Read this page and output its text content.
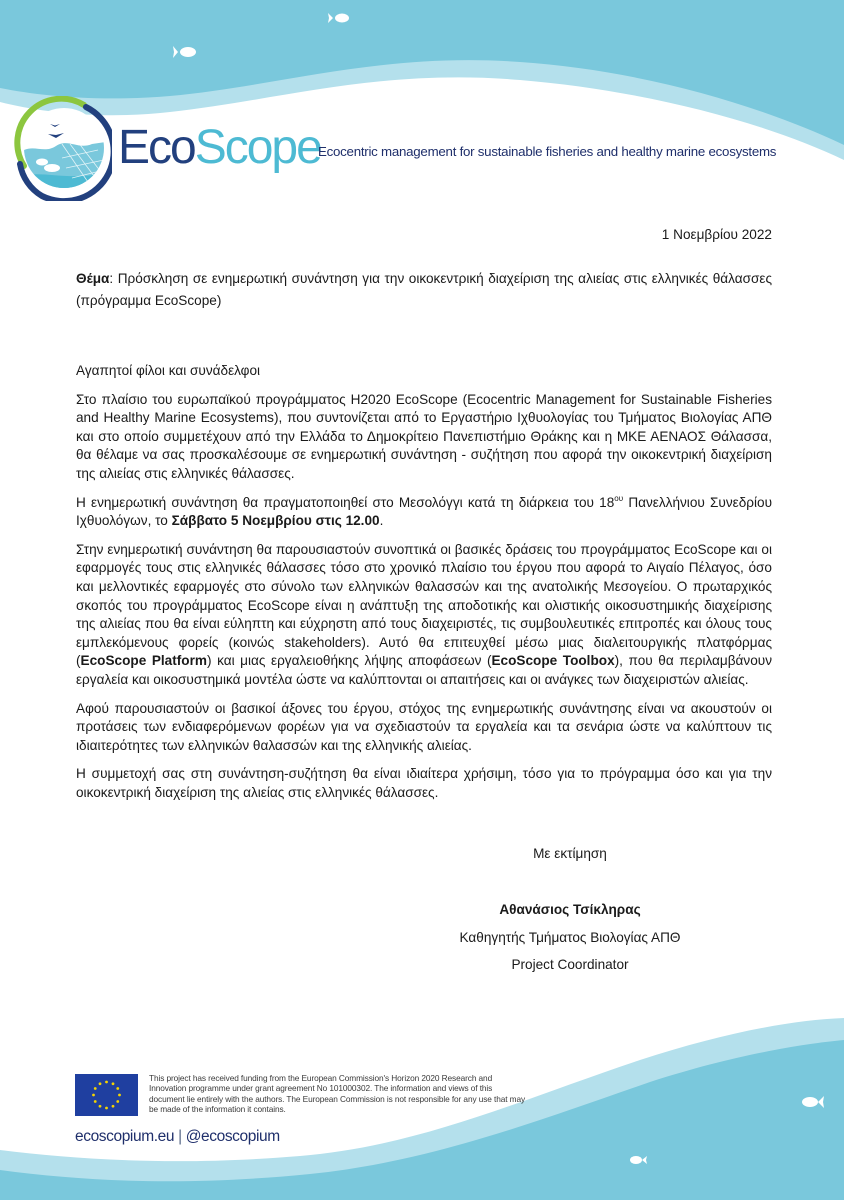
EcoScope
Ecocentric management for sustainable fisheries and healthy marine ecosystems

1 Νοεμβρίου 2022

Θέμα: Πρόσκληση σε ενημερωτική συνάντηση για την οικοκεντρική διαχείριση της αλιείας στις ελληνικές θάλασσες (πρόγραμμα EcoScope)

Αγαπητοί φίλοι και συνάδελφοι

Στο πλαίσιο του ευρωπαϊκού προγράμματος H2020 EcoScope (Ecocentric Management for Sustainable Fisheries and Healthy Marine Ecosystems), που συντονίζεται από το Εργαστήριο Ιχθυολογίας του Τμήματος Βιολογίας ΑΠΘ και στο οποίο συμμετέχουν από την Ελλάδα το Δημοκρίτειο Πανεπιστήμιο Θράκης και η ΜΚΕ ΑΕΝΑΟΣ Θάλασσα, θα θέλαμε να σας προσκαλέσουμε σε ενημερωτική συνάντηση - συζήτηση που αφορά την οικοκεντρική διαχείριση της αλιείας στις ελληνικές θάλασσες.

Η ενημερωτική συνάντηση θα πραγματοποιηθεί στο Μεσολόγγι κατά τη διάρκεια του $18^{o\upsilon}$ Πανελλήνιου Συνεδρίου Ιχθυολόγων, το Σάββατο 5 Νοεμβρίου στις 12.00.

Στην ενημερωτική συνάντηση θα παρουσιαστούν συνοπτικά οι βασικές δράσεις του προγράμματος EcoScope και οι εφαρμογές τους στις ελληνικές θάλασσες τόσο στο χρονικό πλαίσιο του έργου που αφορά το Αιγαίο Πέλαγος, όσο και μελλοντικές εφαρμογές στο σύνολο των ελληνικών θαλασσών και της ανατολικής Μεσογείου. Ο πρωταρχικός σκοπός του προγράμματος EcoScope είναι η ανάπτυξη της αποδοτικής και ολιστικής οικοσυστημικής διαχείρισης της αλιείας που θα είναι εύληπτη και εύχρηστη από τους διαχειριστές, τις συμβουλευτικές επιτροπές και όλους τους εμπλεκόμενους φορείς (κοινώς stakeholders). Αυτό θα επιτευχθεί μέσω μιας διαλειτουργικής πλατφόρμας (EcoScope Platform) και μιας εργαλειοθήκης λήψης αποφάσεων (EcoScope Toolbox), που θα περιλαμβάνουν εργαλεία και οικοσυστημικά μοντέλα ώστε να καλύπτονται οι απαιτήσεις και οι ανάγκες των διαχειριστών αλιείας.

Αφού παρουσιαστούν οι βασικοί άξονες του έργου, στόχος της ενημερωτικής συνάντησης είναι να ακουστούν οι προτάσεις των ενδιαφερόμενων φορέων για να σχεδιαστούν τα εργαλεία και τα σενάρια ώστε να καλύπτουν τις ιδιαιτερότητες των ελληνικών θαλασσών και της ελληνικής αλιείας.

Η συμμετοχή σας στη συνάντηση-συζήτηση θα είναι ιδιαίτερα χρήσιμη, τόσο για το πρόγραμμα όσο και για την οικοκεντρική διαχείριση της αλιείας στις ελληνικές θάλασσες.

Με εκτίμηση
Αθανάσιος Τσίκληρας
Καθηγητής Τμήματος Βιολογίας ΑΠΘ
Project Coordinator
This project has received funding from the European Commission's Horizon 2020 Research and Innovation programme under grant agreement No 101000302. The information and views of this document lie entirely with the authors. The European Commission is not responsible for any use that may be made of the information it contains.
ecoscopium.eu | @ecoscopium
